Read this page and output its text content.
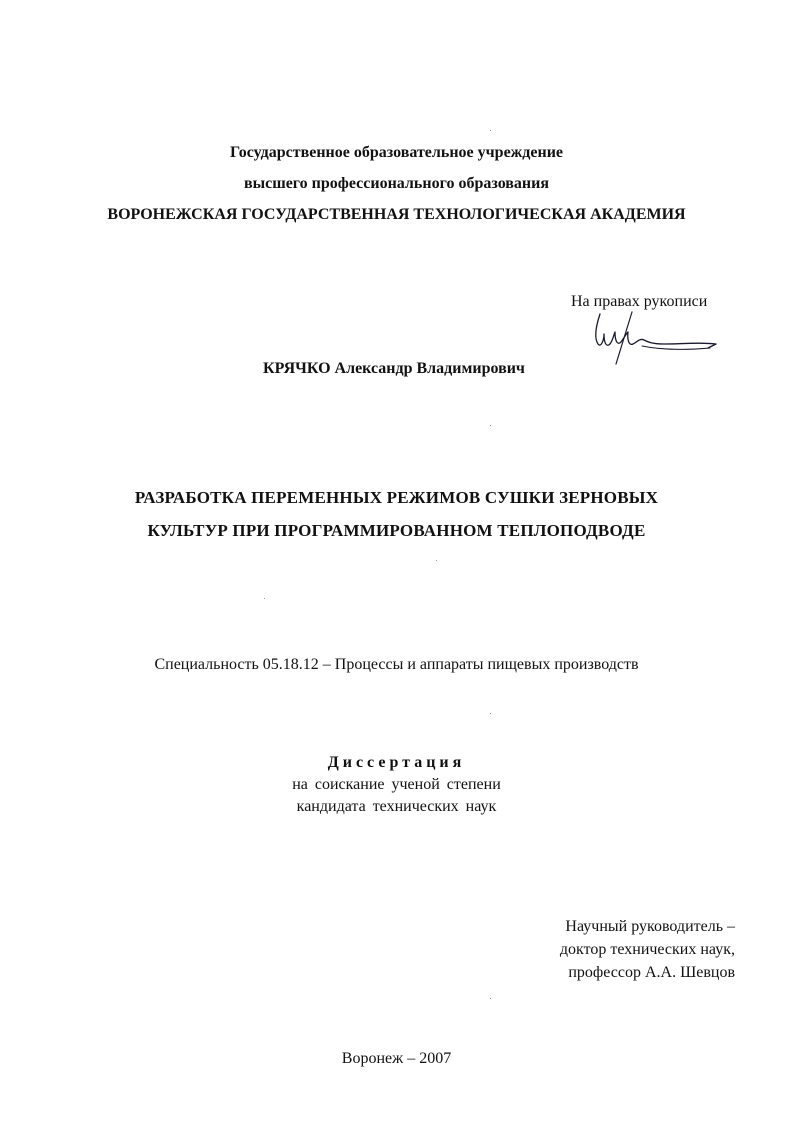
Государственное образовательное учреждение
высшего профессионального образования
ВОРОНЕЖСКАЯ ГОСУДАРСТВЕННАЯ ТЕХНОЛОГИЧЕСКАЯ АКАДЕМИЯ
На правах рукописи
КРЯЧКО Александр Владимирович
РАЗРАБОТКА ПЕРЕМЕННЫХ РЕЖИМОВ СУШКИ ЗЕРНОВЫХ
КУЛЬТУР ПРИ ПРОГРАММИРОВАННОМ ТЕПЛОПОДВОДЕ
Специальность 05.18.12 – Процессы и аппараты пищевых производств
Диссертация
на соискание ученой степени
кандидата технических наук
Научный руководитель –
доктор технических наук,
профессор А.А. Шевцов
Воронеж – 2007
